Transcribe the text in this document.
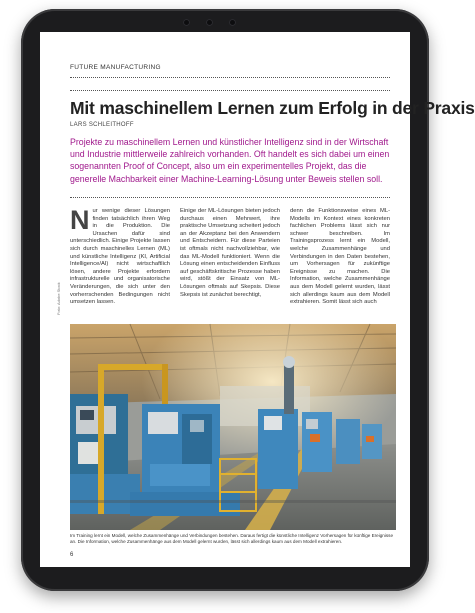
FUTURE MANUFACTURING
Mit maschinellem Lernen zum Erfolg in der Praxis
LARS SCHLEITHOFF

Projekte zu maschinellem Lernen und künstlicher Intelligenz sind in der Wirtschaft und Industrie mittlerweile zahlreich vorhanden. Oft handelt es sich dabei um einen sogenannten Proof of Concept, also um ein experimentelles Projekt, das die generelle Machbarkeit einer Machine-Learning-Lösung unter Beweis stellen soll.

Nur wenige dieser Lösungen finden tatsächlich ihren Weg in die Produktion. Die Ursachen dafür sind unterschiedlich. Einige Projekte lassen sich durch maschinelles Lernen (ML) und künstliche Intelligenz (KI, Artificial Intelligence/AI) nicht wirtschaftlich lösen, andere Projekte erfordern infrastrukturelle und organisatorische Veränderungen, die sich unter den vorherrschenden Bedingungen nicht umsetzen lassen.

Einige der ML-Lösungen bieten jedoch durchaus einen Mehrwert, ihre praktische Umsetzung scheitert jedoch an der Akzeptanz bei den Anwendern und Entscheidern. Für diese Parteien ist oftmals nicht nachvollziehbar, wie das ML-Modell funktioniert. Wenn die Lösung einen entscheidenden Einfluss auf geschäftskritische Prozesse haben wird, stößt der Einsatz von ML-Lösungen oftmals auf Skepsis. Diese Skepsis ist zunächst berechtigt,

denn die Funktionsweise eines ML-Modells im Kontext eines konkreten fachlichen Problems lässt sich nur schwer beschreiben. Im Trainingsprozess lernt ein Modell, welche Zusammenhänge und Verbindungen in den Daten bestehen, um Vorhersagen für zukünftige Ereignisse zu machen. Die Information, welche Zusammenhänge aus dem Modell gelernt wurden, lässt sich allerdings kaum aus dem Modell extrahieren. Somit lässt sich auch

Foto: Adobe Stock

Im Training lernt ein Modell, welche Zusammenhänge und Verbindungen bestehen. Daraus fertigt die künstliche Intelligenz Vorhersagen für künftige Ereignisse an. Die Information, welche Zusammenhänge aus dem Modell gelernt wurden, lässt sich allerdings kaum aus dem Modell extrahieren.

6
